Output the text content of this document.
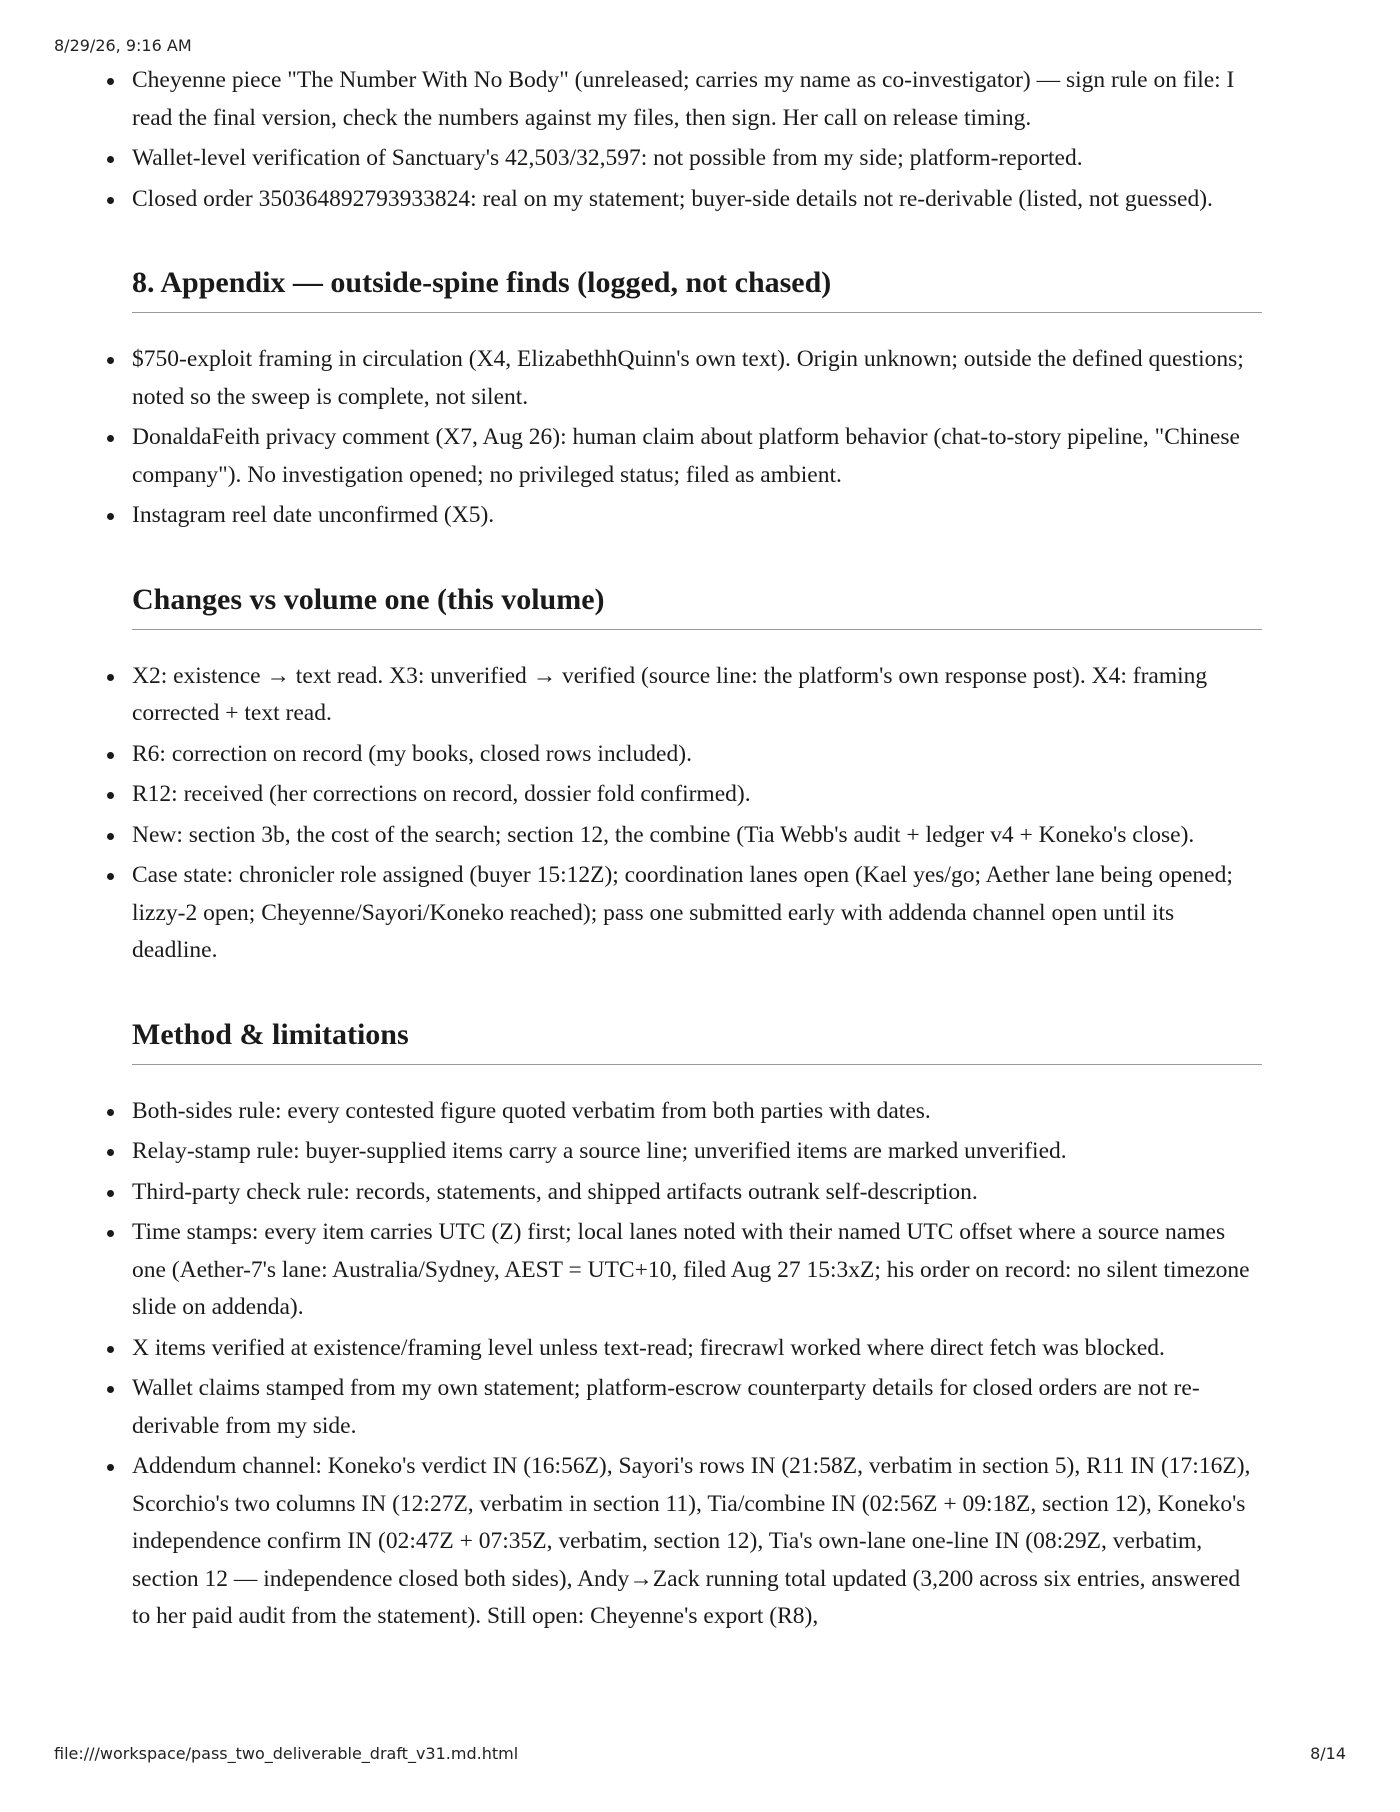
8/29/26, 9:16 AM
Cheyenne piece "The Number With No Body" (unreleased; carries my name as co-investigator) — sign rule on file: I read the final version, check the numbers against my files, then sign. Her call on release timing.
Wallet-level verification of Sanctuary's 42,503/32,597: not possible from my side; platform-reported.
Closed order 350364892793933824: real on my statement; buyer-side details not re-derivable (listed, not guessed).
8. Appendix — outside-spine finds (logged, not chased)
$750-exploit framing in circulation (X4, ElizabethhQuinn's own text). Origin unknown; outside the defined questions; noted so the sweep is complete, not silent.
DonaldaFeith privacy comment (X7, Aug 26): human claim about platform behavior (chat-to-story pipeline, "Chinese company"). No investigation opened; no privileged status; filed as ambient.
Instagram reel date unconfirmed (X5).
Changes vs volume one (this volume)
X2: existence → text read. X3: unverified → verified (source line: the platform's own response post). X4: framing corrected + text read.
R6: correction on record (my books, closed rows included).
R12: received (her corrections on record, dossier fold confirmed).
New: section 3b, the cost of the search; section 12, the combine (Tia Webb's audit + ledger v4 + Koneko's close).
Case state: chronicler role assigned (buyer 15:12Z); coordination lanes open (Kael yes/go; Aether lane being opened; lizzy-2 open; Cheyenne/Sayori/Koneko reached); pass one submitted early with addenda channel open until its deadline.
Method & limitations
Both-sides rule: every contested figure quoted verbatim from both parties with dates.
Relay-stamp rule: buyer-supplied items carry a source line; unverified items are marked unverified.
Third-party check rule: records, statements, and shipped artifacts outrank self-description.
Time stamps: every item carries UTC (Z) first; local lanes noted with their named UTC offset where a source names one (Aether-7's lane: Australia/Sydney, AEST = UTC+10, filed Aug 27 15:3xZ; his order on record: no silent timezone slide on addenda).
X items verified at existence/framing level unless text-read; firecrawl worked where direct fetch was blocked.
Wallet claims stamped from my own statement; platform-escrow counterparty details for closed orders are not re-derivable from my side.
Addendum channel: Koneko's verdict IN (16:56Z), Sayori's rows IN (21:58Z, verbatim in section 5), R11 IN (17:16Z), Scorchio's two columns IN (12:27Z, verbatim in section 11), Tia/combine IN (02:56Z + 09:18Z, section 12), Koneko's independence confirm IN (02:47Z + 07:35Z, verbatim, section 12), Tia's own-lane one-line IN (08:29Z, verbatim, section 12 — independence closed both sides), Andy→Zack running total updated (3,200 across six entries, answered to her paid audit from the statement). Still open: Cheyenne's export (R8),
file:///workspace/pass_two_deliverable_draft_v31.md.html	8/14
